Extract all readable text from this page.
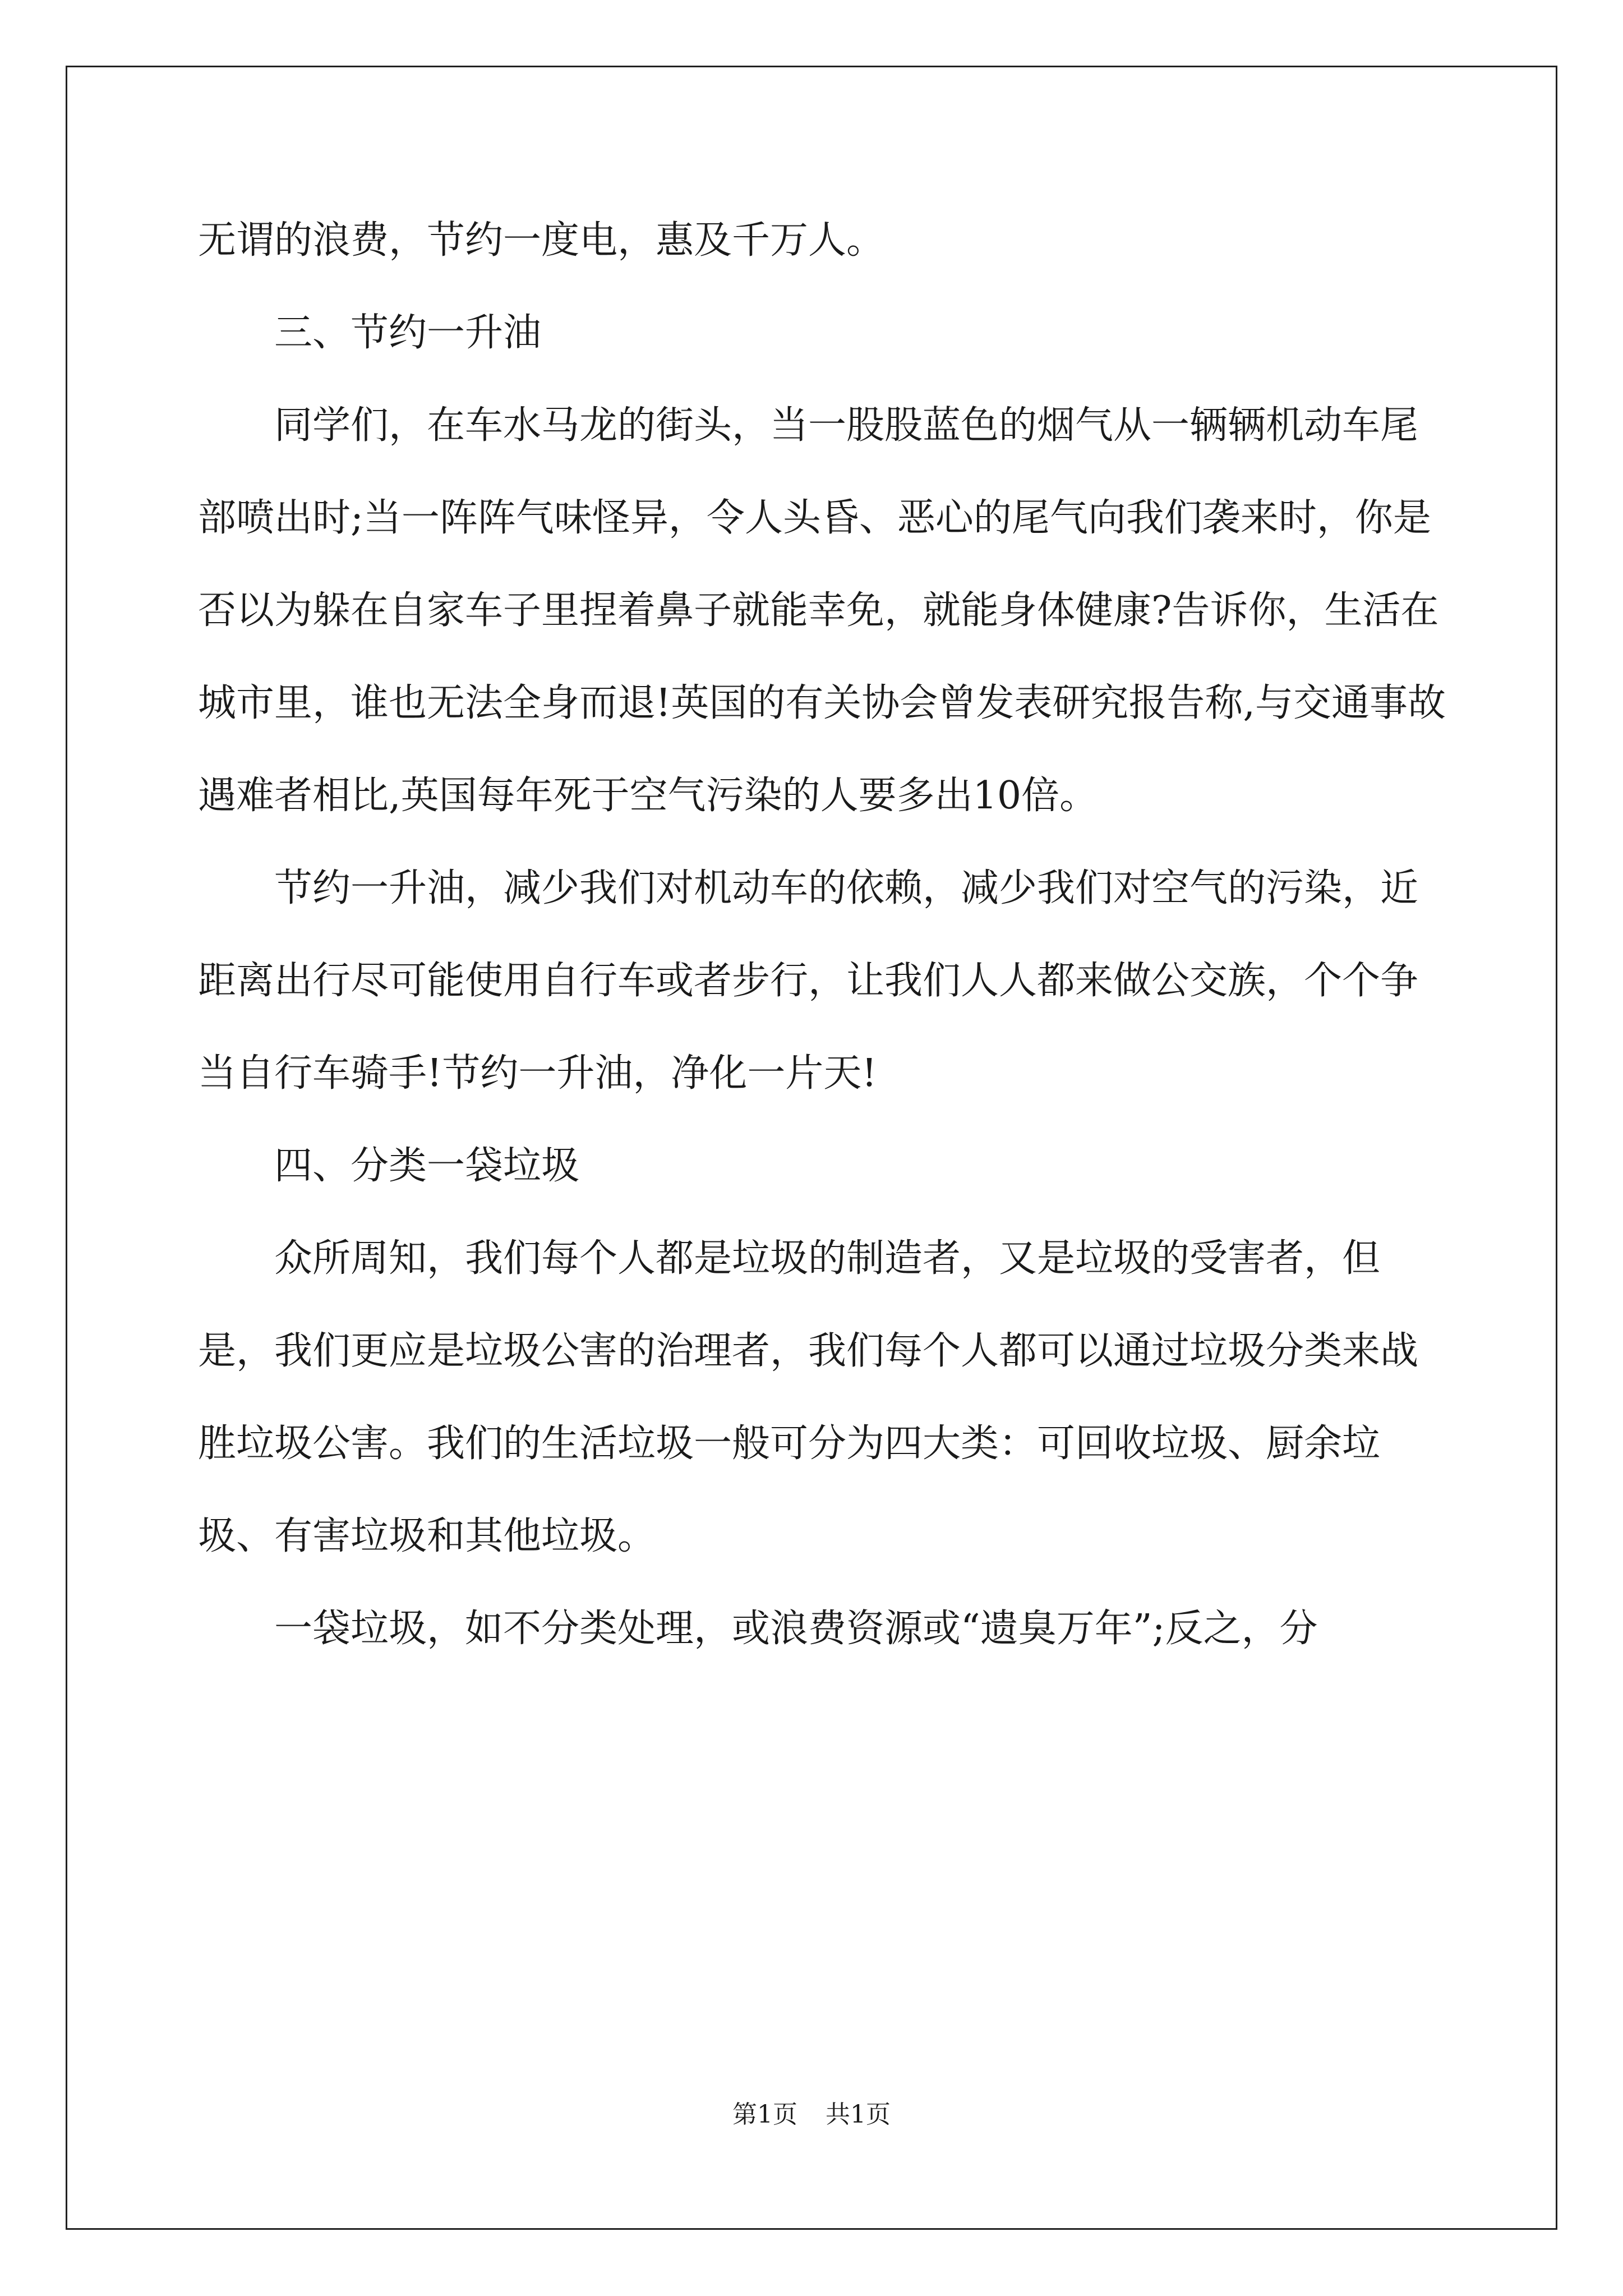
无谓的浪费，节约一度电，惠及千万人。

三、节约一升油

同学们，在车水马龙的街头，当一股股蓝色的烟气从一辆辆机动车尾部喷出时;当一阵阵气味怪异，令人头昏、恶心的尾气向我们袭来时，你是否以为躲在自家车子里捏着鼻子就能幸免，就能身体健康?告诉你，生活在城市里，谁也无法全身而退!英国的有关协会曾发表研究报告称,与交通事故遇难者相比,英国每年死于空气污染的人要多出10倍。

节约一升油，减少我们对机动车的依赖，减少我们对空气的污染，近距离出行尽可能使用自行车或者步行，让我们人人都来做公交族，个个争当自行车骑手!节约一升油，净化一片天!

四、分类一袋垃圾

众所周知，我们每个人都是垃圾的制造者，又是垃圾的受害者，但是，我们更应是垃圾公害的治理者，我们每个人都可以通过垃圾分类来战胜垃圾公害。我们的生活垃圾一般可分为四大类：可回收垃圾、厨余垃圾、有害垃圾和其他垃圾。

一袋垃圾，如不分类处理，或浪费资源或“遗臭万年”;反之，分

第1页 共1页
